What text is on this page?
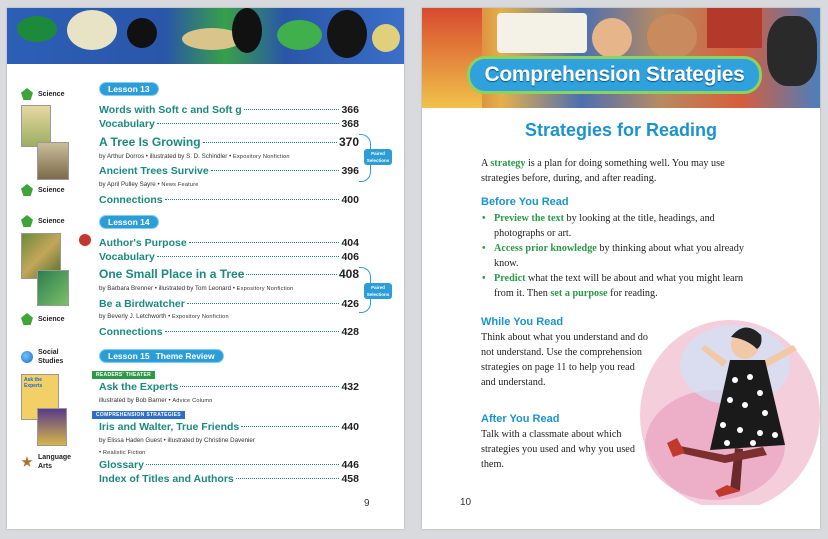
Science
Science
Science
Science
Social
Studies
Ask the Experts
Language
Arts
Lesson 13
Words with Soft c and Soft g	366
Vocabulary	368
A Tree Is Growing	370
by Arthur Dorros • illustrated by S. D. Schindler • Expository Nonfiction
Ancient Trees Survive	396
by April Pulley Sayre • News Feature
Connections	400
Paired Selections
Lesson 14
Author's Purpose	404
Vocabulary	406
One Small Place in a Tree	408
by Barbara Brenner • illustrated by Tom Leonard • Expository Nonfiction
Be a Birdwatcher	426
by Beverly J. Letchworth • Expository Nonfiction
Connections	428
Paired Selections
Lesson 15 Theme Review
READERS' THEATER
Ask the Experts	432
illustrated by Bob Barner • Advice Column
COMPREHENSION STRATEGIES
Iris and Walter, True Friends	440
by Elissa Haden Guest • illustrated by Christine Davenier
• Realistic Fiction
Glossary	446
Index of Titles and Authors	458
9
Comprehension Strategies
Strategies for Reading
A strategy is a plan for doing something well. You may use strategies before, during, and after reading.
Before You Read
• Preview the text by looking at the title, headings, and photographs or art.
• Access prior knowledge by thinking about what you already know.
• Predict what the text will be about and what you might learn from it. Then set a purpose for reading.
While You Read
Think about what you understand and do not understand. Use the comprehension strategies on page 11 to help you read and understand.
After You Read
Talk with a classmate about which strategies you used and why you used them.
10
